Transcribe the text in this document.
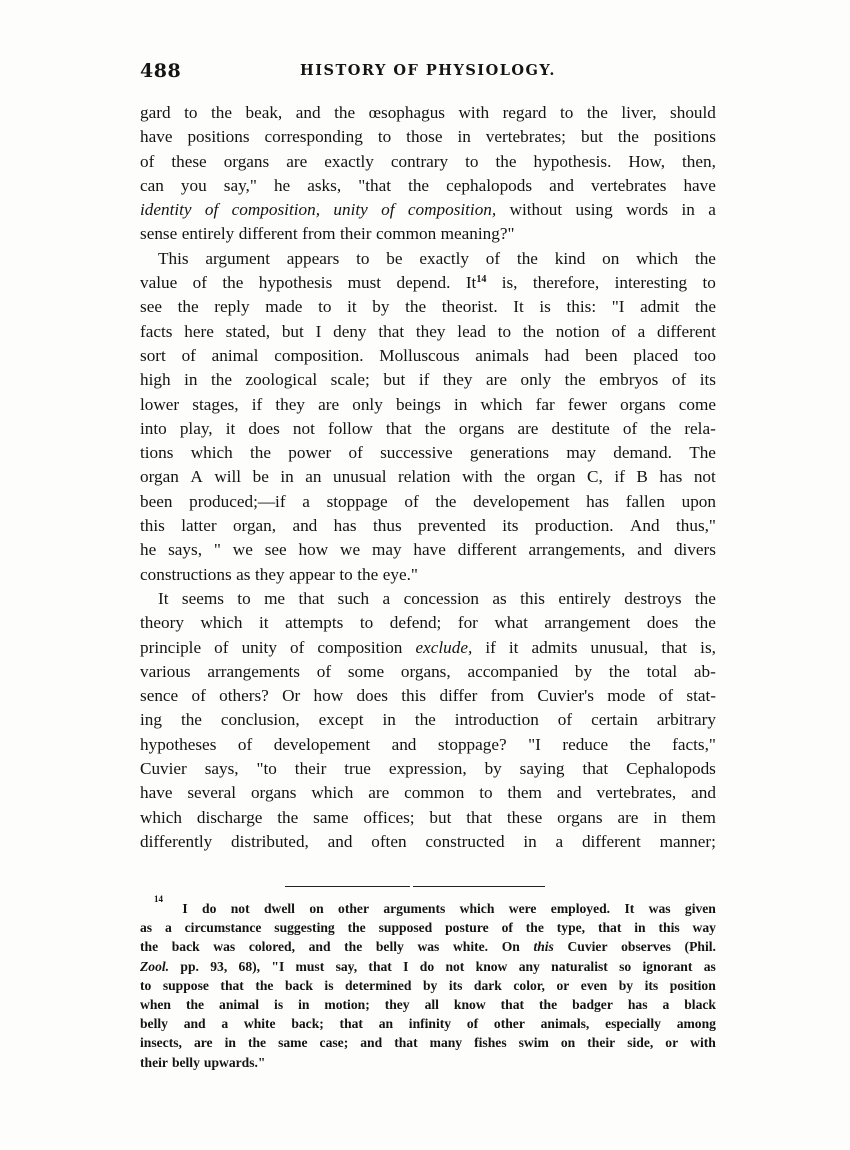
488	HISTORY OF PHYSIOLOGY.
gard to the beak, and the œsophagus with regard to the liver, should
have positions corresponding to those in vertebrates; but the positions
of these organs are exactly contrary to the hypothesis. How, then,
can you say," he asks, "that the cephalopods and vertebrates have
identity of composition, unity of composition, without using words in a
sense entirely different from their common meaning?"
This argument appears to be exactly of the kind on which the
value of the hypothesis must depend. It14 is, therefore, interesting to
see the reply made to it by the theorist. It is this: "I admit the
facts here stated, but I deny that they lead to the notion of a different
sort of animal composition. Molluscous animals had been placed too
high in the zoological scale; but if they are only the embryos of its
lower stages, if they are only beings in which far fewer organs come
into play, it does not follow that the organs are destitute of the rela-
tions which the power of successive generations may demand. The
organ A will be in an unusual relation with the organ C, if B has not
been produced;—if a stoppage of the developement has fallen upon
this latter organ, and has thus prevented its production. And thus,"
he says, " we see how we may have different arrangements, and divers
constructions as they appear to the eye."
It seems to me that such a concession as this entirely destroys the
theory which it attempts to defend; for what arrangement does the
principle of unity of composition exclude, if it admits unusual, that is,
various arrangements of some organs, accompanied by the total ab-
sence of others? Or how does this differ from Cuvier's mode of stat-
ing the conclusion, except in the introduction of certain arbitrary
hypotheses of developement and stoppage? "I reduce the facts,"
Cuvier says, "to their true expression, by saying that Cephalopods
have several organs which are common to them and vertebrates, and
which discharge the same offices; but that these organs are in them
differently distributed, and often constructed in a different manner;
14
I do not dwell on other arguments which were employed. It was given
as a circumstance suggesting the supposed posture of the type, that in this way
the back was colored, and the belly was white. On this Cuvier observes (Phil.
Zool. pp. 93, 68), "I must say, that I do not know any naturalist so ignorant as
to suppose that the back is determined by its dark color, or even by its position
when the animal is in motion; they all know that the badger has a black
belly and a white back; that an infinity of other animals, especially among
insects, are in the same case; and that many fishes swim on their side, or with
their belly upwards."
